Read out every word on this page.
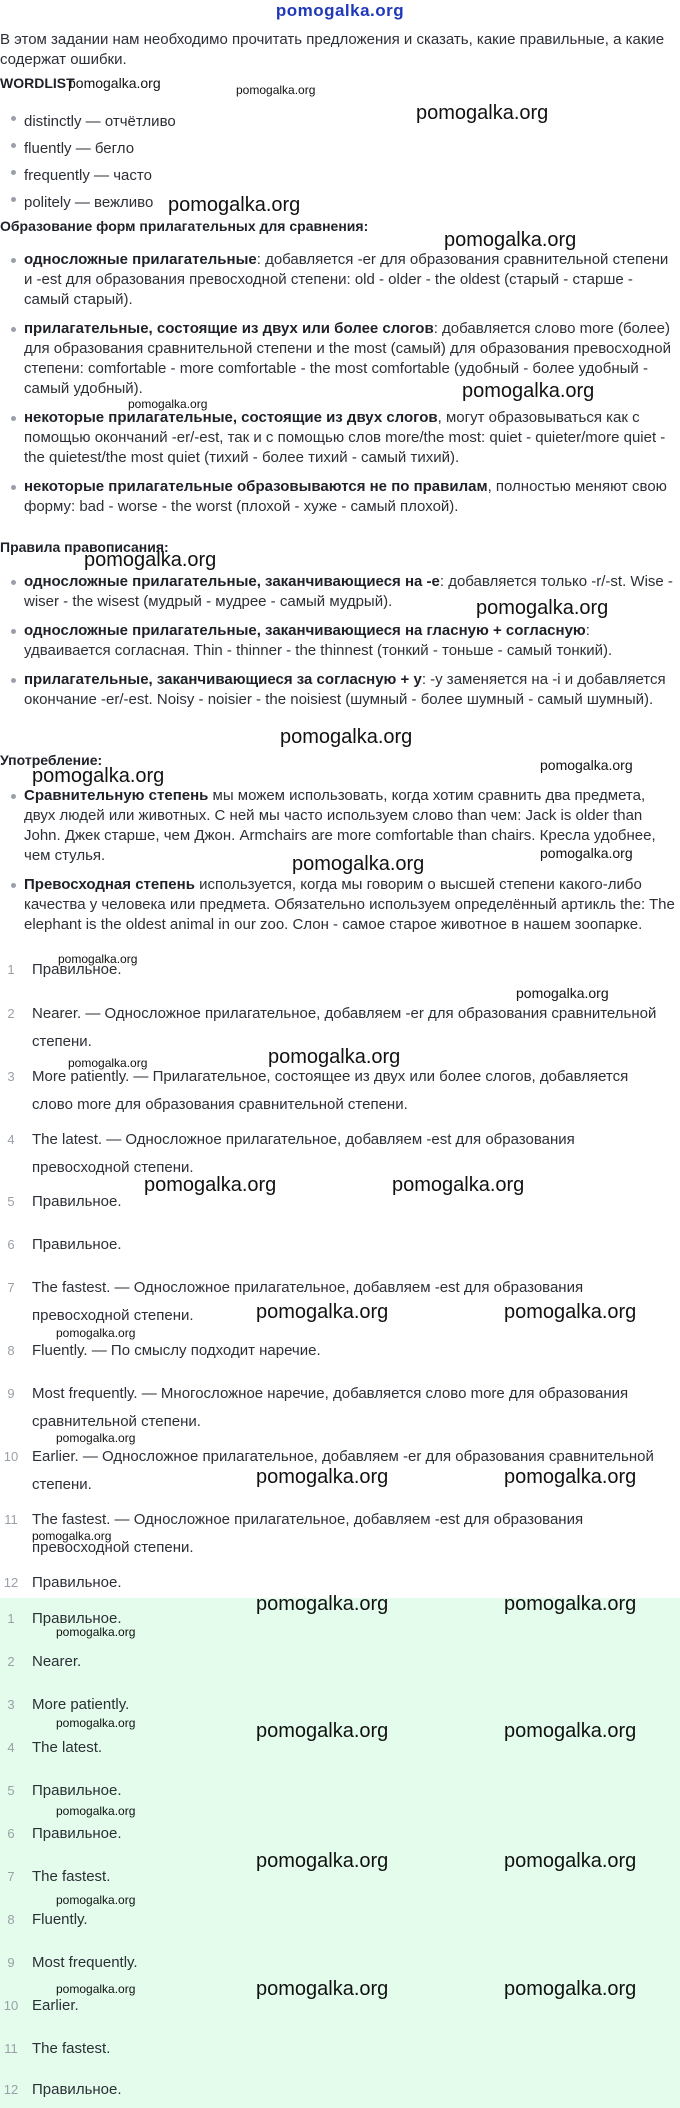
pomogalka.org

В этом задании нам необходимо прочитать предложения и сказать, какие правильные, а какие содержат ошибки.

WORDLIST
distinctly — отчётливо
fluently — бегло
frequently — часто
politely — вежливо
Образование форм прилагательных для сравнения:
односложные прилагательные: добавляется -er для образования сравнительной степени и -est для образования превосходной степени: old - older - the oldest (старый - старше - самый старый).
прилагательные, состоящие из двух или более слогов: добавляется слово more (более) для образования сравнительной степени и the most (самый) для образования превосходной степени: comfortable - more comfortable - the most comfortable (удобный - более удобный - самый удобный).
некоторые прилагательные, состоящие из двух слогов, могут образовываться как с помощью окончаний -er/-est, так и с помощью слов more/the most: quiet - quieter/more quiet - the quietest/the most quiet (тихий - более тихий - самый тихий).
некоторые прилагательные образовываются не по правилам, полностью меняют свою форму: bad - worse - the worst (плохой - хуже - самый плохой).
Правила правописания:
односложные прилагательные, заканчивающиеся на -e: добавляется только -r/-st. Wise - wiser - the wisest (мудрый - мудрее - самый мудрый).
односложные прилагательные, заканчивающиеся на гласную + согласную: удваивается согласная. Thin - thinner - the thinnest (тонкий - тоньше - самый тонкий).
прилагательные, заканчивающиеся за согласную + y: -y заменяется на -i и добавляется окончание -er/-est. Noisy - noisier - the noisiest (шумный - более шумный - самый шумный).
Употребление:
Сравнительную степень мы можем использовать, когда хотим сравнить два предмета, двух людей или животных. С ней мы часто используем слово than чем: Jack is older than John. Джек старше, чем Джон. Armchairs are more comfortable than chairs. Кресла удобнее, чем стулья.
Превосходная степень используется, когда мы говорим о высшей степени какого-либо качества у человека или предмета. Обязательно используем определённый артикль the: The elephant is the oldest animal in our zoo. Слон - самое старое животное в нашем зоопарке.
1	Правильное.
2	Nearer. — Односложное прилагательное, добавляем -er для образования сравнительной степени.
3	More patiently. — Прилагательное, состоящее из двух или более слогов, добавляется слово more для образования сравнительной степени.
4	The latest. — Односложное прилагательное, добавляем -est для образования превосходной степени.
5	Правильное.
6	Правильное.
7	The fastest. — Односложное прилагательное, добавляем -est для образования превосходной степени.
8	Fluently. — По смыслу подходит наречие.
9	Most frequently. — Многосложное наречие, добавляется слово more для образования сравнительной степени.
10 Earlier. — Односложное прилагательное, добавляем -er для образования сравнительной степени.
11 The fastest. — Односложное прилагательное, добавляем -est для образования превосходной степени.
12 Правильное.
1	Правильное.
2	Nearer.
3	More patiently.
4	The latest.
5	Правильное.
6	Правильное.
7	The fastest.
8	Fluently.
9	Most frequently.
10 Earlier.
11 The fastest.
12 Правильное.
pomogalka.org	pomogalka.org
pomogalka.org
pomogalka.org
pomogalka.org
pomogalka.org
pomogalka.org
pomogalka.org
pomogalka.org
pomogalka.org
pomogalka.org
pomogalka.org
pomogalka.org
pomogalka.org
pomogalka.org
pomogalka.org
pomogalka.org	pomogalka.org
pomogalka.org	pomogalka.org
pomogalka.org	pomogalka.org
pomogalka.org
pomogalka.org
pomogalka.org	pomogalka.org
pomogalka.org
pomogalka.org	pomogalka.org
pomogalka.org
pomogalka.org	pomogalka.org
pomogalka.org
pomogalka.org
pomogalka.org	pomogalka.org
pomogalka.org
pomogalka.org	pomogalka.org	pomogalka.org
